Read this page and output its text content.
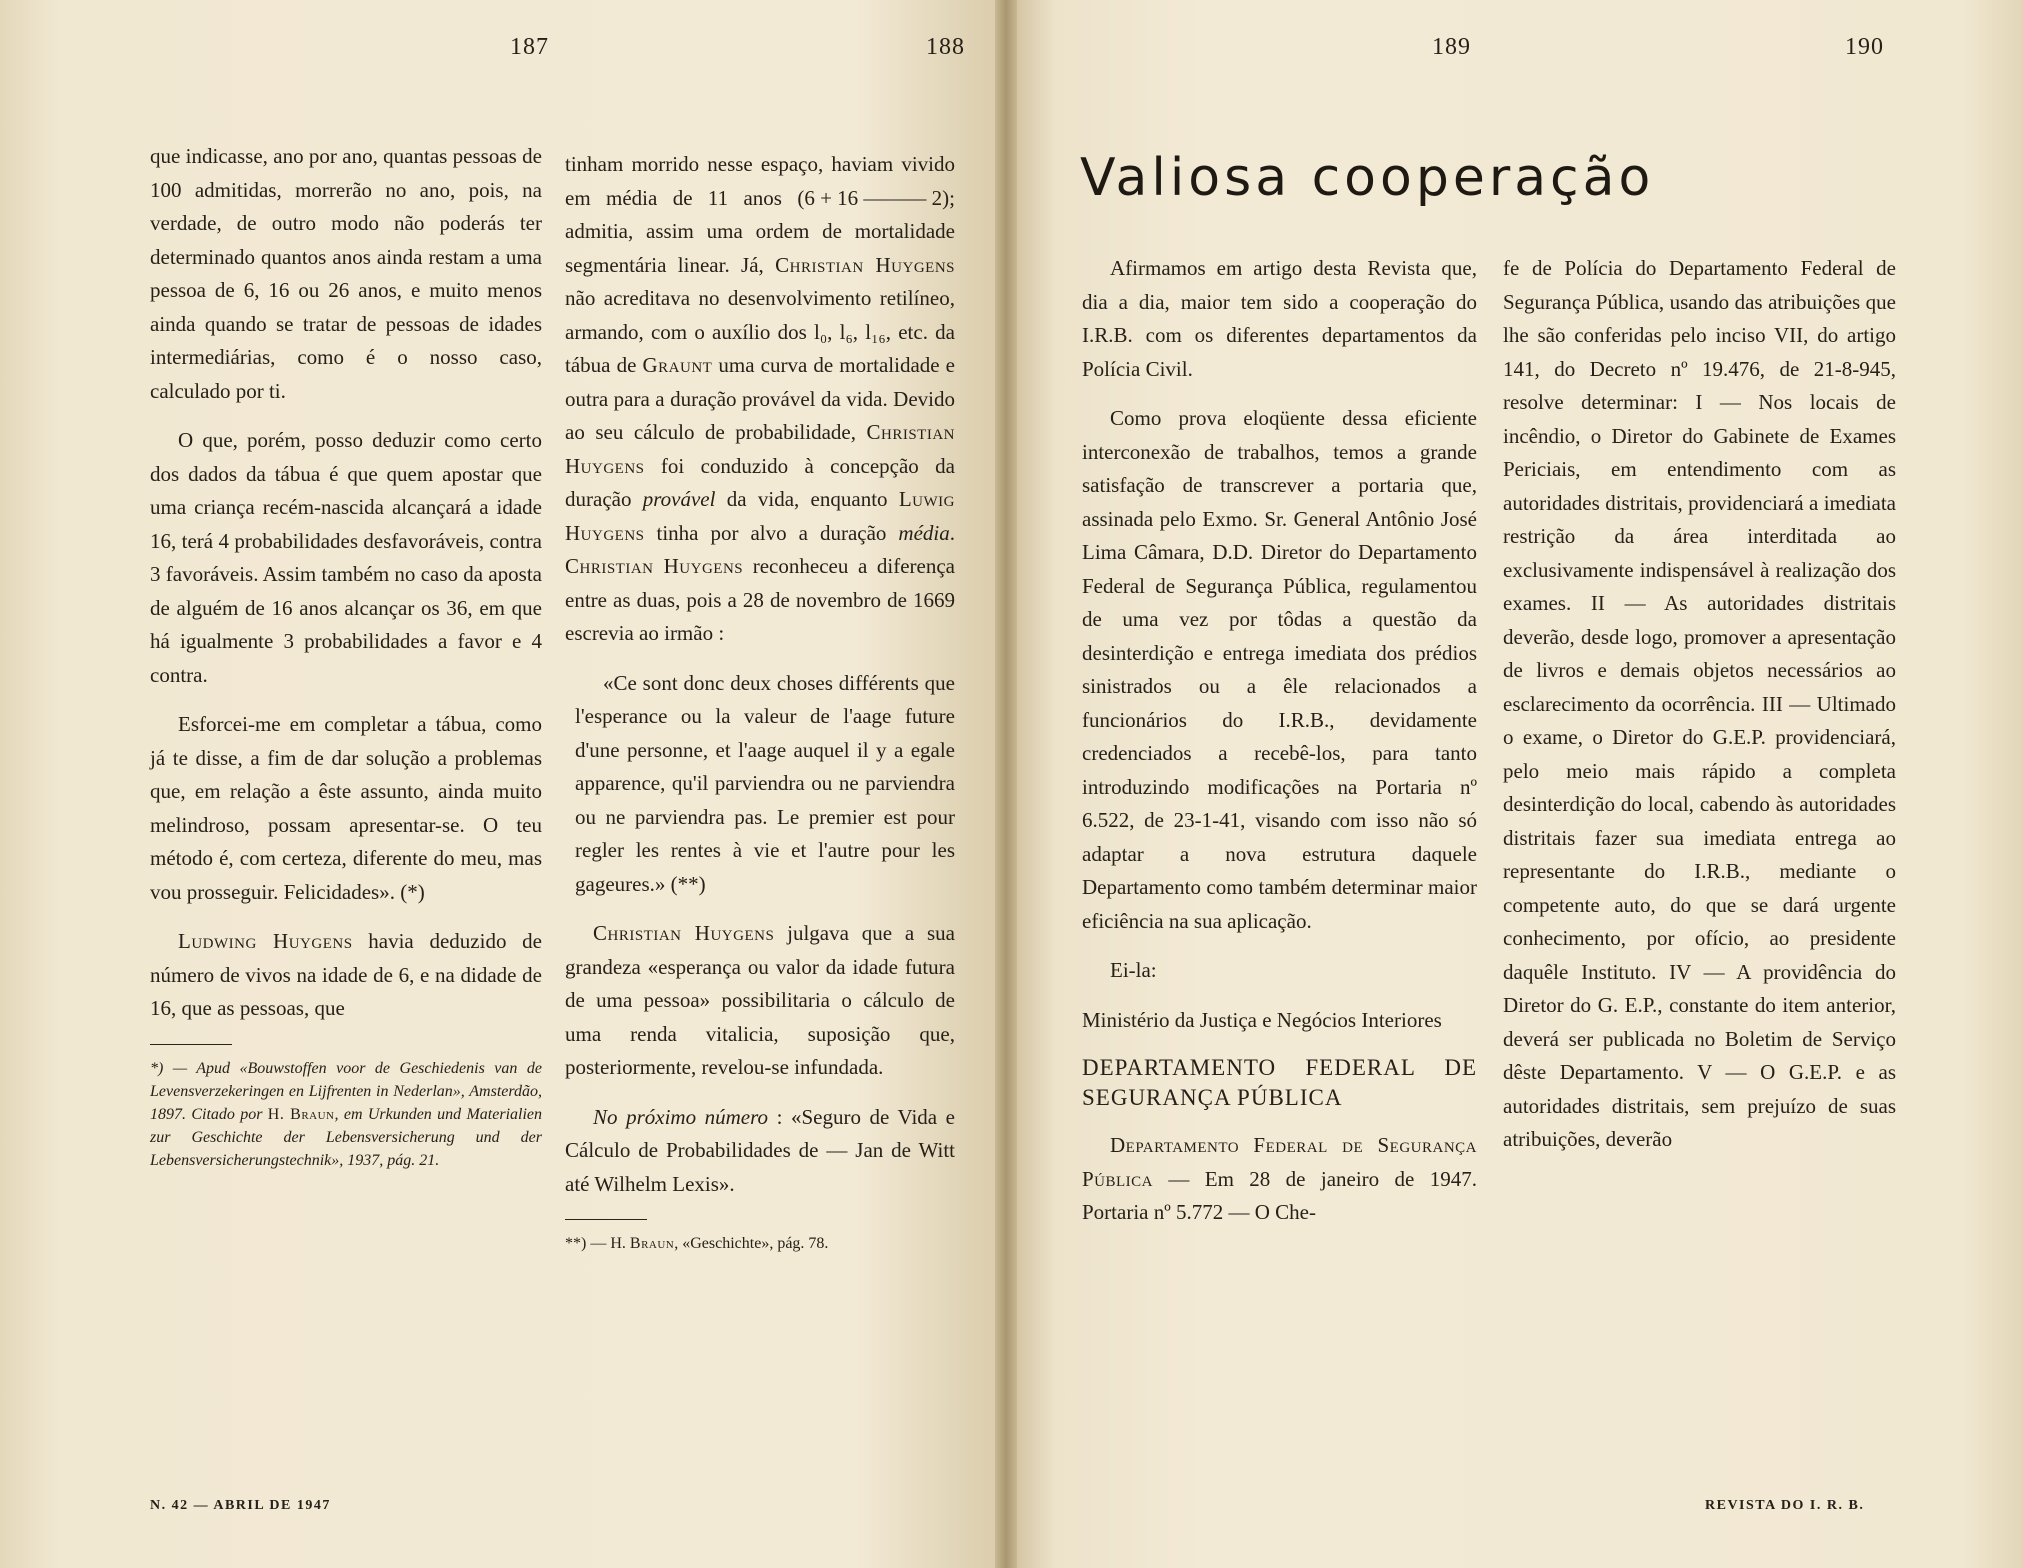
187	188	189	190

que indicasse, ano por ano, quantas pessoas de 100 admitidas, morrerão no ano, pois, na verdade, de outro modo não poderás ter determinado quantos anos ainda restam a uma pessoa de 6, 16 ou 26 anos, e muito menos ainda quando se tratar de pessoas de idades intermediárias, como é o nosso caso, calculado por ti.

O que, porém, posso deduzir como certo dos dados da tábua é que quem apostar que uma criança recém-nascida alcançará a idade 16, terá 4 probabilidades desfavoráveis, contra 3 favoráveis. Assim também no caso da aposta de alguém de 16 anos alcançar os 36, em que há igualmente 3 probabilidades a favor e 4 contra.

Esforcei-me em completar a tábua, como já te disse, a fim de dar solução a problemas que, em relação a êste assunto, ainda muito melindroso, possam apresentar-se. O teu método é, com certeza, diferente do meu, mas vou prosseguir. Felicidades». (*)

Ludwing Huygens havia deduzido de número de vivos na idade de 6, e na didade de 16, que as pessoas, que

*) — Apud «Bouwstoffen voor de Geschiedenis van de Levensverzekeringen en Lijfrenten in Nederlan», Amsterdão, 1897. Citado por H. Braun, em Urkunden und Materialien zur Geschichte der Lebensversicherung und der Lebensversicherungstechnik», 1937, pág. 21.

tinham morrido nesse espaço, haviam vivido em média de 11 anos (6 + 16 ——— 2); admitia, assim uma ordem de mortalidade segmentária linear. Já, Christian Huygens não acreditava no desenvolvimento retilíneo, armando, com o auxílio dos l₀, l₆, l₁₆, etc. da tábua de Graunt uma curva de mortalidade e outra para a duração provável da vida. Devido ao seu cálculo de probabilidade, Christian Huygens foi conduzido à concepção da duração provável da vida, enquanto Luwig Huygens tinha por alvo a duração média. Christian Huygens reconheceu a diferença entre as duas, pois a 28 de novembro de 1669 escrevia ao irmão :

«Ce sont donc deux choses différents que l'esperance ou la valeur de l'aage future d'une personne, et l'aage auquel il y a egale apparence, qu'il parviendra ou ne parviendra ou ne parviendra pas. Le premier est pour regler les rentes à vie et l'autre pour les gageures.» (**)

Christian Huygens julgava que a sua grandeza «esperança ou valor da idade futura de uma pessoa» possibilitaria o cálculo de uma renda vitalicia, suposição que, posteriormente, revelou-se infundada.

No próximo número : «Seguro de Vida e Cálculo de Probabilidades de — Jan de Witt até Wilhelm Lexis».

**) — H. Braun, «Geschichte», pág. 78.
Valiosa cooperação

Afirmamos em artigo desta Revista que, dia a dia, maior tem sido a cooperação do I.R.B. com os diferentes departamentos da Polícia Civil.

Como prova eloqüente dessa eficiente interconexão de trabalhos, temos a grande satisfação de transcrever a portaria que, assinada pelo Exmo. Sr. General Antônio José Lima Câmara, D.D. Diretor do Departamento Federal de Segurança Pública, regulamentou de uma vez por tôdas a questão da desinterdição e entrega imediata dos prédios sinistrados ou a êle relacionados a funcionários do I.R.B., devidamente credenciados a recebê-los, para tanto introduzindo modificações na Portaria nº 6.522, de 23-1-41, visando com isso não só adaptar a nova estrutura daquele Departamento como também determinar maior eficiência na sua aplicação.

Ei-la:

Ministério da Justiça e Negócios Interiores

DEPARTAMENTO FEDERAL DE SEGURANÇA PÚBLICA

Departamento Federal de Segurança Pública — Em 28 de janeiro de 1947. Portaria nº 5.772 — O Che-

fe de Polícia do Departamento Federal de Segurança Pública, usando das atribuições que lhe são conferidas pelo inciso VII, do artigo 141, do Decreto nº 19.476, de 21-8-945, resolve determinar: I — Nos locais de incêndio, o Diretor do Gabinete de Exames Periciais, em entendimento com as autoridades distritais, providenciará a imediata restrição da área interditada ao exclusivamente indispensável à realização dos exames. II — As autoridades distritais deverão, desde logo, promover a apresentação de livros e demais objetos necessários ao esclarecimento da ocorrência. III — Ultimado o exame, o Diretor do G.E.P. providenciará, pelo meio mais rápido a completa desinterdição do local, cabendo às autoridades distritais fazer sua imediata entrega ao representante do I.R.B., mediante o competente auto, do que se dará urgente conhecimento, por ofício, ao presidente daquêle Instituto. IV — A providência do Diretor do G. E.P., constante do item anterior, deverá ser publicada no Boletim de Serviço dêste Departamento. V — O G.E.P. e as autoridades distritais, sem prejuízo de suas atribuições, deverão

N. 42 — ABRIL DE 1947	REVISTA DO I. R. B.
